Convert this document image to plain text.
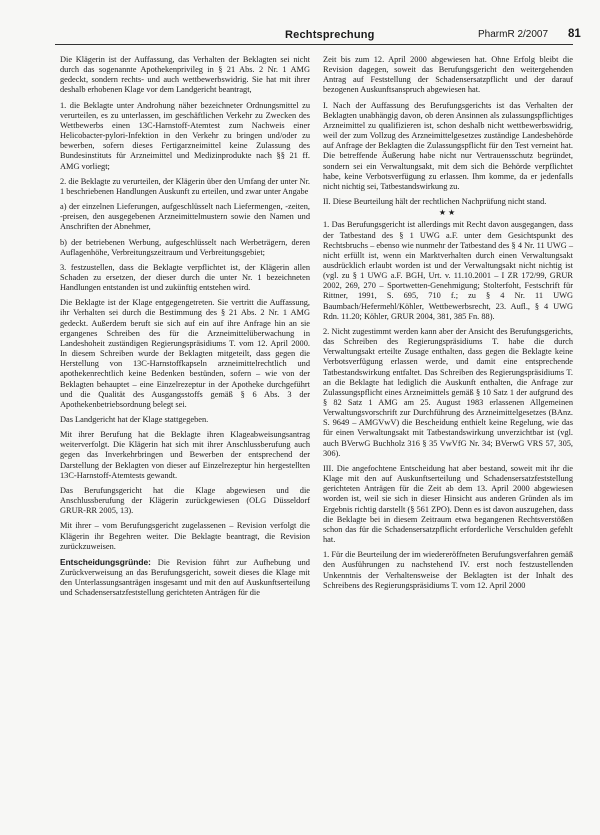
Rechtsprechung	PharmR 2/2007 81

Die Klägerin ist der Auffassung, das Verhalten der Beklagten sei nicht durch das sogenannte Apothekenprivileg in § 21 Abs. 2 Nr. 1 AMG gedeckt, sondern rechts- und auch wettbewerbswidrig. Sie hat mit ihrer deshalb erhobenen Klage vor dem Landgericht beantragt,

1. die Beklagte unter Androhung näher bezeichneter Ordnungsmittel zu verurteilen, es zu unterlassen, im geschäftlichen Verkehr zu Zwecken des Wettbewerbs einen 13C-Harnstoff-Atemtest zum Nachweis einer Helicobacter-pylori-Infektion in den Verkehr zu bringen und/oder zu bewerben, sofern dieses Fertigarzneimittel keine Zulassung des Bundesinstituts für Arzneimittel und Medizinprodukte nach §§ 21 ff. AMG vorliegt;

2. die Beklagte zu verurteilen, der Klägerin über den Umfang der unter Nr. 1 beschriebenen Handlungen Auskunft zu erteilen, und zwar unter Angabe

a) der einzelnen Lieferungen, aufgeschlüsselt nach Liefermengen, -zeiten, -preisen, den ausgegebenen Arzneimittelmustern sowie den Namen und Anschriften der Abnehmer,

b) der betriebenen Werbung, aufgeschlüsselt nach Werbeträgern, deren Auflagenhöhe, Verbreitungszeitraum und Verbreitungsgebiet;

3. festzustellen, dass die Beklagte verpflichtet ist, der Klägerin allen Schaden zu ersetzen, der dieser durch die unter Nr. 1 bezeichneten Handlungen entstanden ist und zukünftig entstehen wird.

Die Beklagte ist der Klage entgegengetreten. Sie vertritt die Auffassung, ihr Verhalten sei durch die Bestimmung des § 21 Abs. 2 Nr. 1 AMG gedeckt. Außerdem beruft sie sich auf ein auf ihre Anfrage hin an sie ergangenes Schreiben des für die Arzneimittelüberwachung in Landeshoheit zuständigen Regierungspräsidiums T. vom 12. April 2000. In diesem Schreiben wurde der Beklagten mitgeteilt, dass gegen die Herstellung von 13C-Harnstoffkapseln arzneimittelrechtlich und apothekenrechtlich keine Bedenken bestünden, sofern – wie von der Beklagten behauptet – eine Einzelrezeptur in der Apotheke durchgeführt und die Qualität des Ausgangsstoffs gemäß § 6 Abs. 3 der Apothekenbetriebsordnung belegt sei.

Das Landgericht hat der Klage stattgegeben.

Mit ihrer Berufung hat die Beklagte ihren Klageabweisungsantrag weiterverfolgt. Die Klägerin hat sich mit ihrer Anschlussberufung auch gegen das Inverkehrbringen und Bewerben der entsprechend der Darstellung der Beklagten von dieser auf Einzelrezeptur hin hergestellten 13C-Harnstoff-Atemtests gewandt.

Das Berufungsgericht hat die Klage abgewiesen und die Anschlussberufung der Klägerin zurückgewiesen (OLG Düsseldorf GRUR-RR 2005, 13).

Mit ihrer – vom Berufungsgericht zugelassenen – Revision verfolgt die Klägerin ihr Begehren weiter. Die Beklagte beantragt, die Revision zurückzuweisen.

Entscheidungsgründe: Die Revision führt zur Aufhebung und Zurückverweisung an das Berufungsgericht, soweit dieses die Klage mit den Unterlassungsanträgen insgesamt und mit den auf Auskunftserteilung und Schadensersatzfeststellung gerichteten Anträgen für die

Zeit bis zum 12. April 2000 abgewiesen hat. Ohne Erfolg bleibt die Revision dagegen, soweit das Berufungsgericht den weitergehenden Antrag auf Feststellung der Schadensersatzpflicht und der darauf bezogenen Auskunftsanspruch abgewiesen hat.

I. Nach der Auffassung des Berufungsgerichts ist das Verhalten der Beklagten unabhängig davon, ob deren Ansinnen als zulassungspflichtiges Arzneimittel zu qualifizieren ist, schon deshalb nicht wettbewerbswidrig, weil der zum Vollzug des Arzneimittelgesetzes zuständige Landesbehörde auf Anfrage der Beklagten die Zulassungspflicht für den Test verneint hat. Die betreffende Äußerung habe nicht nur Vertrauensschutz begründet, sondern sei ein Verwaltungsakt, mit dem sich die Behörde verpflichtet habe, keine Verbotsverfügung zu erlassen. Ihm komme, da er jedenfalls nicht nichtig sei, Tatbestandswirkung zu.

II. Diese Beurteilung hält der rechtlichen Nachprüfung nicht stand.

★★

1. Das Berufungsgericht ist allerdings mit Recht davon ausgegangen, dass der Tatbestand des § 1 UWG a.F. unter dem Gesichtspunkt des Rechtsbruchs – ebenso wie nunmehr der Tatbestand des § 4 Nr. 11 UWG – nicht erfüllt ist, wenn ein Marktverhalten durch einen Verwaltungsakt ausdrücklich erlaubt worden ist und der Verwaltungsakt nicht nichtig ist (vgl. zu § 1 UWG a.F. BGH, Urt. v. 11.10.2001 – I ZR 172/99, GRUR 2002, 269, 270 – Sportwetten-Genehmigung; Stolterfoht, Festschrift für Rittner, 1991, S. 695, 710 f.; zu § 4 Nr. 11 UWG Baumbach/Hefermehl/Köhler, Wettbewerbsrecht, 23. Aufl., § 4 UWG Rdn. 11.20; Köhler, GRUR 2004, 381, 385 Fn. 88).

2. Nicht zugestimmt werden kann aber der Ansicht des Berufungsgerichts, das Schreiben des Regierungspräsidiums T. habe die durch Verwaltungsakt erteilte Zusage enthalten, dass gegen die Beklagte keine Verbotsverfügung erlassen werde, und damit eine entsprechende Tatbestandswirkung entfaltet. Das Schreiben des Regierungspräsidiums T. an die Beklagte hat lediglich die Auskunft enthalten, die Anfrage zur Zulassungspflicht eines Arzneimittels gemäß § 10 Satz 1 der aufgrund des § 82 Satz 1 AMG am 25. August 1983 erlassenen Allgemeinen Verwaltungsvorschrift zur Durchführung des Arzneimittelgesetzes (BAnz. S. 9649 – AMGVwV) die Bescheidung enthielt keine Regelung, wie das für einen Verwaltungsakt mit Tatbestandswirkung unverzichtbar ist (vgl. auch BVerwG Buchholz 316 § 35 VwVfG Nr. 34; BVerwG VRS 57, 305, 306).

III. Die angefochtene Entscheidung hat aber bestand, soweit mit ihr die Klage mit den auf Auskunftserteilung und Schadensersatzfeststellung gerichteten Anträgen für die Zeit ab dem 13. April 2000 abgewiesen worden ist, weil sie sich in dieser Hinsicht aus anderen Gründen als im Ergebnis richtig darstellt (§ 561 ZPO). Denn es ist davon auszugehen, dass die Beklagte bei in diesem Zeitraum etwa begangenen Rechtsverstößen schon das für die Schadensersatzpflicht erforderliche Verschulden gefehlt hat.

1. Für die Beurteilung der im wiedereröffneten Berufungsverfahren gemäß den Ausführungen zu nachstehend IV. erst noch festzustellenden Unkenntnis der Verhaltensweise der Beklagten ist der Inhalt des Schreibens des Regierungspräsidiums T. vom 12. April 2000
